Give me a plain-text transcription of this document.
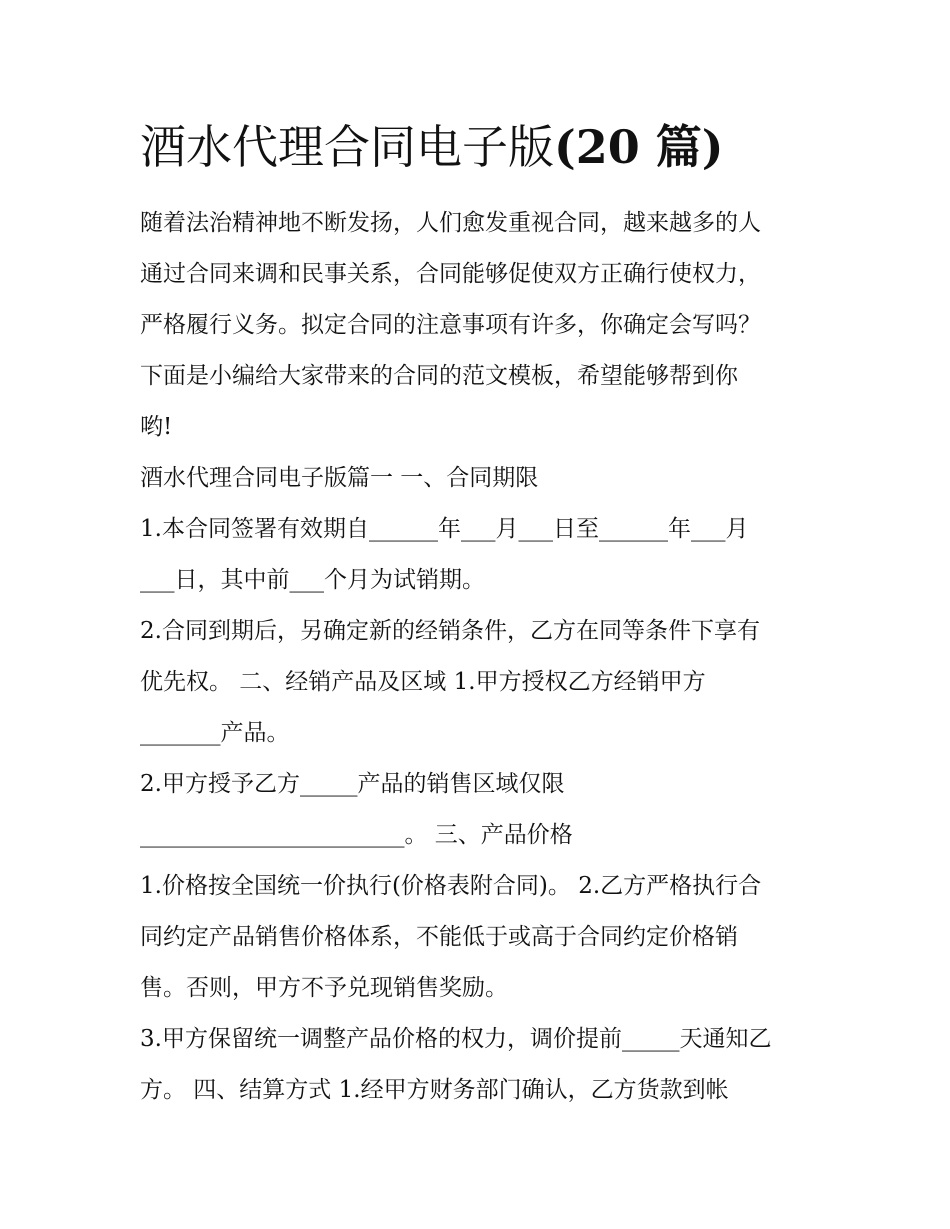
酒水代理合同电子版(20 篇)
随着法治精神地不断发扬，人们愈发重视合同，越来越多的人
通过合同来调和民事关系，合同能够促使双方正确行使权力，
严格履行义务。拟定合同的注意事项有许多，你确定会写吗？
下面是小编给大家带来的合同的范文模板，希望能够帮到你
哟!
酒水代理合同电子版篇一 一、合同期限
1.本合同签署有效期自______年___月___日至______年___月
___日，其中前___个月为试销期。
2.合同到期后，另确定新的经销条件，乙方在同等条件下享有
优先权。 二、经销产品及区域 1.甲方授权乙方经销甲方
_______产品。
2.甲方授予乙方_____产品的销售区域仅限
_______________________。 三、产品价格
1.价格按全国统一价执行(价格表附合同)。 2.乙方严格执行合
同约定产品销售价格体系，不能低于或高于合同约定价格销
售。否则，甲方不予兑现销售奖励。
3.甲方保留统一调整产品价格的权力，调价提前_____天通知乙
方。 四、结算方式 1.经甲方财务部门确认，乙方货款到帐
